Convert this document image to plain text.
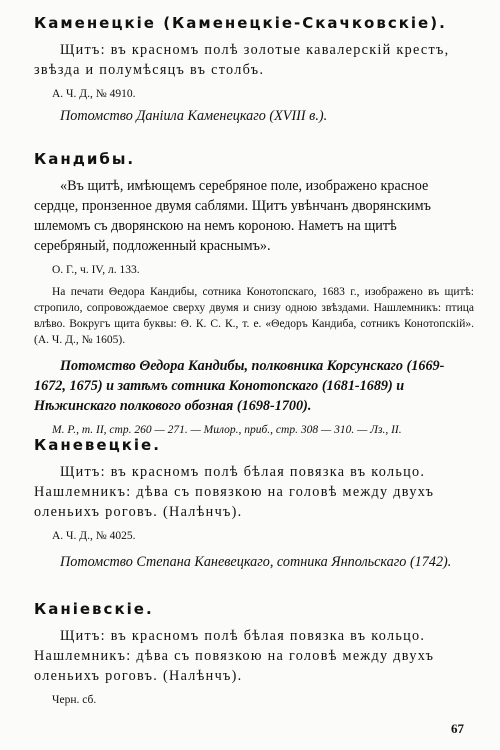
Каменецкіе (Каменецкіе-Скачковскіе).

Щитъ: въ красномъ полѣ золотые кавалерскій крестъ, звѣзда и полумѣсяцъ въ столбъ.

А. Ч. Д., № 4910.

Потомство Даніила Каменецкаго (XVIII в.).

Кандибы.

«Въ щитѣ, имѣющемъ серебряное поле, изображено красное сердце, пронзенное двумя саблями. Щитъ увѣнчанъ дворянскимъ шлемомъ съ дворянскою на немъ короною. Наметъ на щитѣ серебряный, подложенный краснымъ».

О. Г., ч. IV, л. 133.

На печати Θедора Кандибы, сотника Конотопскаго, 1683 г., изображено въ щитѣ: стропило, сопровождаемое сверху двумя и снизу одною звѣздами. Нашлемникъ: птица влѣво. Вокругъ щита буквы: Θ. К. С. К., т. е. «Θедоръ Кандиба, сотникъ Конотопскій». (А. Ч. Д., № 1605).

Потомство Θедора Кандибы, полковника Корсунскаго (1669-1672, 1675) и затѣмъ сотника Конотопскаго (1681-1689) и Нѣжинскаго полкового обозная (1698-1700).

М. Р., т. II, стр. 260 — 271. — Милор., приб., стр. 308 — 310. — Лз., II.

Каневецкіе.

Щитъ: въ красномъ полѣ бѣлая повязка въ кольцо. Нашлемникъ: дѣва съ повязкою на головѣ между двухъ оленьихъ роговъ. (Налѣнчъ).

А. Ч. Д., № 4025.

Потомство Степана Каневецкаго, сотника Янпольскаго (1742).

Каніевскіе.

Щитъ: въ красномъ полѣ бѣлая повязка въ кольцо. Нашлемникъ: дѣва съ повязкою на головѣ между двухъ оленьихъ роговъ. (Налѣнчъ).

Черн. сб.

67
